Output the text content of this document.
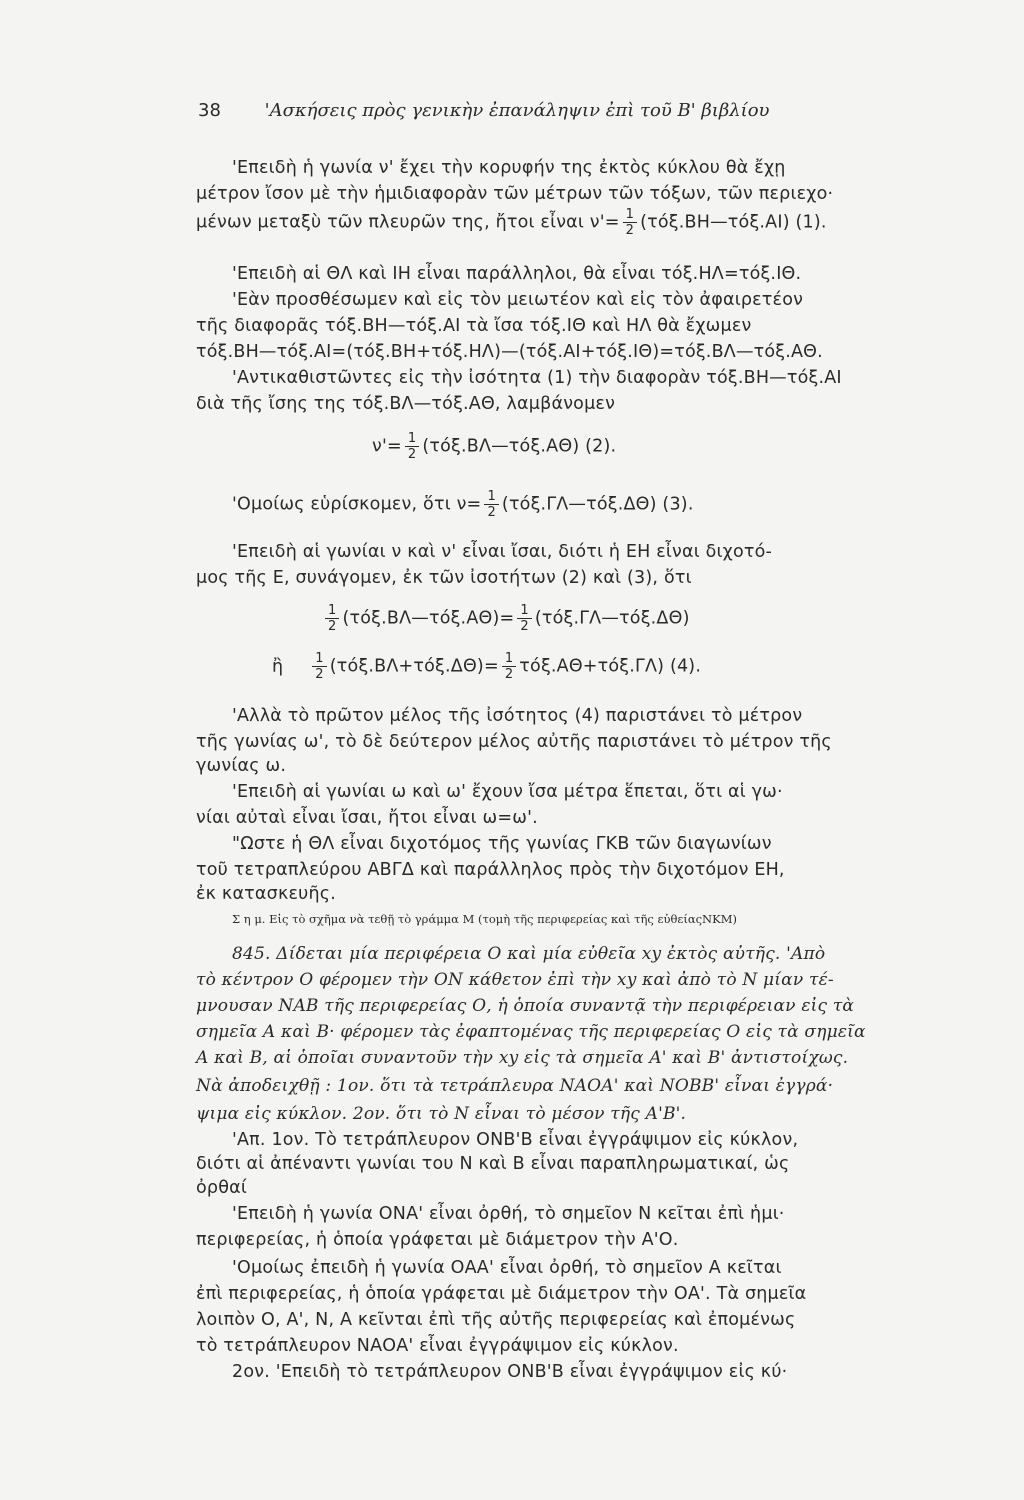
38 'Ασκήσεις πρὸς γενικὴν ἐπανάληψιν ἐπὶ τοῦ Β' βιβλίου
'Επειδὴ ἡ γωνία ν' ἔχει τὴν κορυφήν της ἐκτὸς κύκλου θὰ ἔχῃ
μέτρον ἴσον μὲ τὴν ἡμιδιαφορὰν τῶν μέτρων τῶν τόξων, τῶν περιεχο·
μένων μεταξὺ τῶν πλευρῶν της, ἤτοι εἶναι $\nu'= \frac{1}{2}$ (τόξ.ΒΗ—τόξ.ΑΙ) (1).
'Επειδὴ αἱ ΘΛ καὶ ΙΗ εἶναι παράλληλοι, θὰ εἶναι τόξ.ΗΛ=τόξ.ΙΘ.
'Εὰν προσθέσωμεν καὶ εἰς τὸν μειωτέον καὶ εἰς τὸν ἀφαιρετέον
τῆς διαφορᾶς τόξ.ΒΗ—τόξ.ΑΙ τὰ ἴσα τόξ.ΙΘ καὶ ΗΛ θὰ ἔχωμεν
τόξ.ΒΗ—τόξ.ΑΙ=(τόξ.ΒΗ+τόξ.ΗΛ)—(τόξ.ΑΙ+τόξ.ΙΘ)=τόξ.ΒΛ—τόξ.ΑΘ.
'Αντικαθιστῶντες εἰς τὴν ἰσότητα (1) τὴν διαφορὰν τόξ.ΒΗ—τόξ.ΑΙ
διὰ τῆς ἴσης της τόξ.ΒΛ—τόξ.ΑΘ, λαμβάνομεν
$\nu'= \frac{1}{2}$ (τόξ.ΒΛ—τόξ.ΑΘ) (2).
'Ομοίως εὑρίσκομεν, ὅτι $\nu= \frac{1}{2}$ (τόξ.ΓΛ—τόξ.ΔΘ) (3).
'Επειδὴ αἱ γωνίαι ν καὶ ν' εἶναι ἴσαι, διότι ἡ ΕΗ εἶναι διχοτό-
μος τῆς Ε, συνάγομεν, ἐκ τῶν ἰσοτήτων (2) καὶ (3), ὅτι
$\frac{1}{2}$ (τόξ.ΒΛ—τόξ.ΑΘ)= $\frac{1}{2}$ (τόξ.ΓΛ—τόξ.ΔΘ)
ἢ $\frac{1}{2} (\tau ό\xi.B\Lambda+\tau ό\xi.\Delta\Theta)= \frac{1}{2} \tau ό\xi.A\Theta+\tau ό\xi.\Gamma\Lambda$) (4).
'Αλλὰ τὸ πρῶτον μέλος τῆς ἰσότητος (4) παριστάνει τὸ μέτρον
τῆς γωνίας ω', τὸ δὲ δεύτερον μέλος αὐτῆς παριστάνει τὸ μέτρον τῆς
γωνίας ω.
'Επειδὴ αἱ γωνίαι ω καὶ ω' ἔχουν ἴσα μέτρα ἕπεται, ὅτι αἱ γω·
νίαι αὐταὶ εἶναι ἴσαι, ἤτοι εἶναι ω=ω'.
"Ωστε ἡ ΘΛ εἶναι διχοτόμος τῆς γωνίας ΓΚΒ τῶν διαγωνίων
τοῦ τετραπλεύρου ΑΒΓΔ καὶ παράλληλος πρὸς τὴν διχοτόμον ΕΗ,
ἐκ κατασκευῆς.
Σ η μ. Εἰς τὸ σχῆμα νὰ τεθῇ τὸ γράμμα Μ (τομὴ τῆς περιφερείας καὶ τῆς εὐθείαςΝΚΜ)
845. Δίδεται μία περιφέρεια Ο καὶ μία εὐθεῖα xy ἐκτὸς αὐτῆς. 'Απὸ
τὸ κέντρον Ο φέρομεν τὴν ΟΝ κάθετον ἐπὶ τὴν xy καὶ ἀπὸ τὸ Ν μίαν τέ-
μνουσαν ΝΑΒ τῆς περιφερείας Ο, ἡ ὁποία συναντᾷ τὴν περιφέρειαν εἰς τὰ
σημεῖα Α καὶ Β· φέρομεν τὰς ἐφαπτομένας τῆς περιφερείας Ο εἰς τὰ σημεῖα
Α καὶ Β, αἱ ὁποῖαι συναντοῦν τὴν xy εἰς τὰ σημεῖα Α' καὶ Β' ἀντιστοίχως.
Νὰ ἀποδειχθῇ : 1ον. ὅτι τὰ τετράπλευρα ΝΑΟΑ' καὶ ΝΟΒΒ' εἶναι ἐγγρά·
ψιμα εἰς κύκλον. 2ον. ὅτι τὸ Ν εἶναι τὸ μέσον τῆς Α'Β'.
'Απ. 1ον. Τὸ τετράπλευρον ΟΝΒ'Β εἶναι ἐγγράψιμον εἰς κύκλον,
διότι αἱ ἀπέναντι γωνίαι του Ν καὶ Β εἶναι παραπληρωματικαί, ὡς
ὀρθαί
'Επειδὴ ἡ γωνία ΟΝΑ' εἶναι ὀρθή, τὸ σημεῖον Ν κεῖται ἐπὶ ἡμι·
περιφερείας, ἡ ὁποία γράφεται μὲ διάμετρον τὴν Α'Ο.
'Ομοίως ἐπειδὴ ἡ γωνία ΟΑΑ' εἶναι ὀρθή, τὸ σημεῖον Α κεῖται
ἐπὶ περιφερείας, ἡ ὁποία γράφεται μὲ διάμετρον τὴν ΟΑ'. Τὰ σημεῖα
λοιπὸν Ο, Α', Ν, Α κεῖνται ἐπὶ τῆς αὐτῆς περιφερείας καὶ ἐπομένως
τὸ τετράπλευρον ΝΑΟΑ' εἶναι ἐγγράψιμον εἰς κύκλον.
2ον. 'Επειδὴ τὸ τετράπλευρον ΟΝΒ'Β εἶναι ἐγγράψιμον εἰς κύ·
